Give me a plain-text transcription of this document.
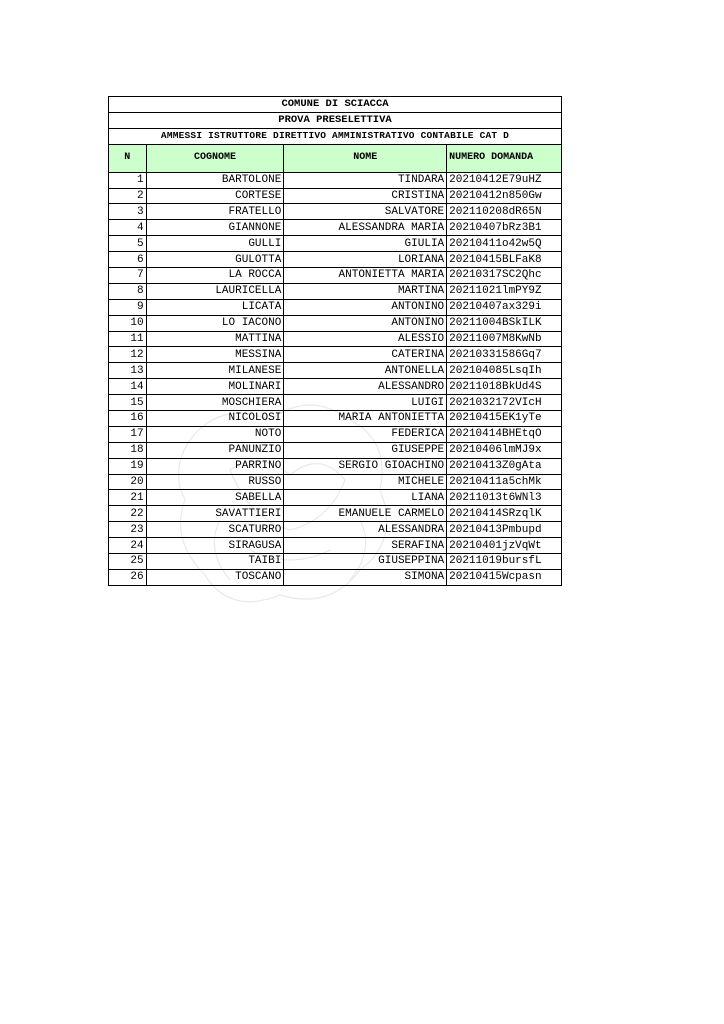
COMUNE DI SCIACCA			
PROVA PRESELETTIVA			
AMMESSI ISTRUTTORE DIRETTIVO AMMINISTRATIVO CONTABILE CAT D			
N	COGNOME	NOME	NUMERO DOMANDA
1	BARTOLONE	TINDARA	20210412E79uHZ
2	CORTESE	CRISTINA	20210412n850Gw
3	FRATELLO	SALVATORE	202110208dR65N
4	GIANNONE	ALESSANDRA MARIA	20210407bRz3B1
5	GULLI	GIULIA	20210411o42w5Q
6	GULOTTA	LORIANA	20210415BLFaK8
7	LA ROCCA	ANTONIETTA MARIA	20210317SC2Qhc
8	LAURICELLA	MARTINA	20211021lmPY9Z
9	LICATA	ANTONINO	20210407ax329i
10	LO IACONO	ANTONINO	20211004BSkILK
11	MATTINA	ALESSIO	20211007M8KwNb
12	MESSINA	CATERINA	20210331586Gq7
13	MILANESE	ANTONELLA	202104085LsqIh
14	MOLINARI	ALESSANDRO	20211018BkUd4S
15	MOSCHIERA	LUIGI	2021032172VIcH
16	NICOLOSI	MARIA ANTONIETTA	20210415EK1yTe
17	NOTO	FEDERICA	20210414BHEtqO
18	PANUNZIO	GIUSEPPE	20210406lmMJ9x
19	PARRINO	SERGIO GIOACHINO	20210413Z0gAta
20	RUSSO	MICHELE	20210411a5chMk
21	SABELLA	LIANA	20211013t6WNl3
22	SAVATTIERI	EMANUELE CARMELO	20210414SRzqlK
23	SCATURRO	ALESSANDRA	20210413Pmbupd
24	SIRAGUSA	SERAFINA	20210401jzVqWt
25	TAIBI	GIUSEPPINA	20211019bursfL
26	TOSCANO	SIMONA	20210415Wcpasn
